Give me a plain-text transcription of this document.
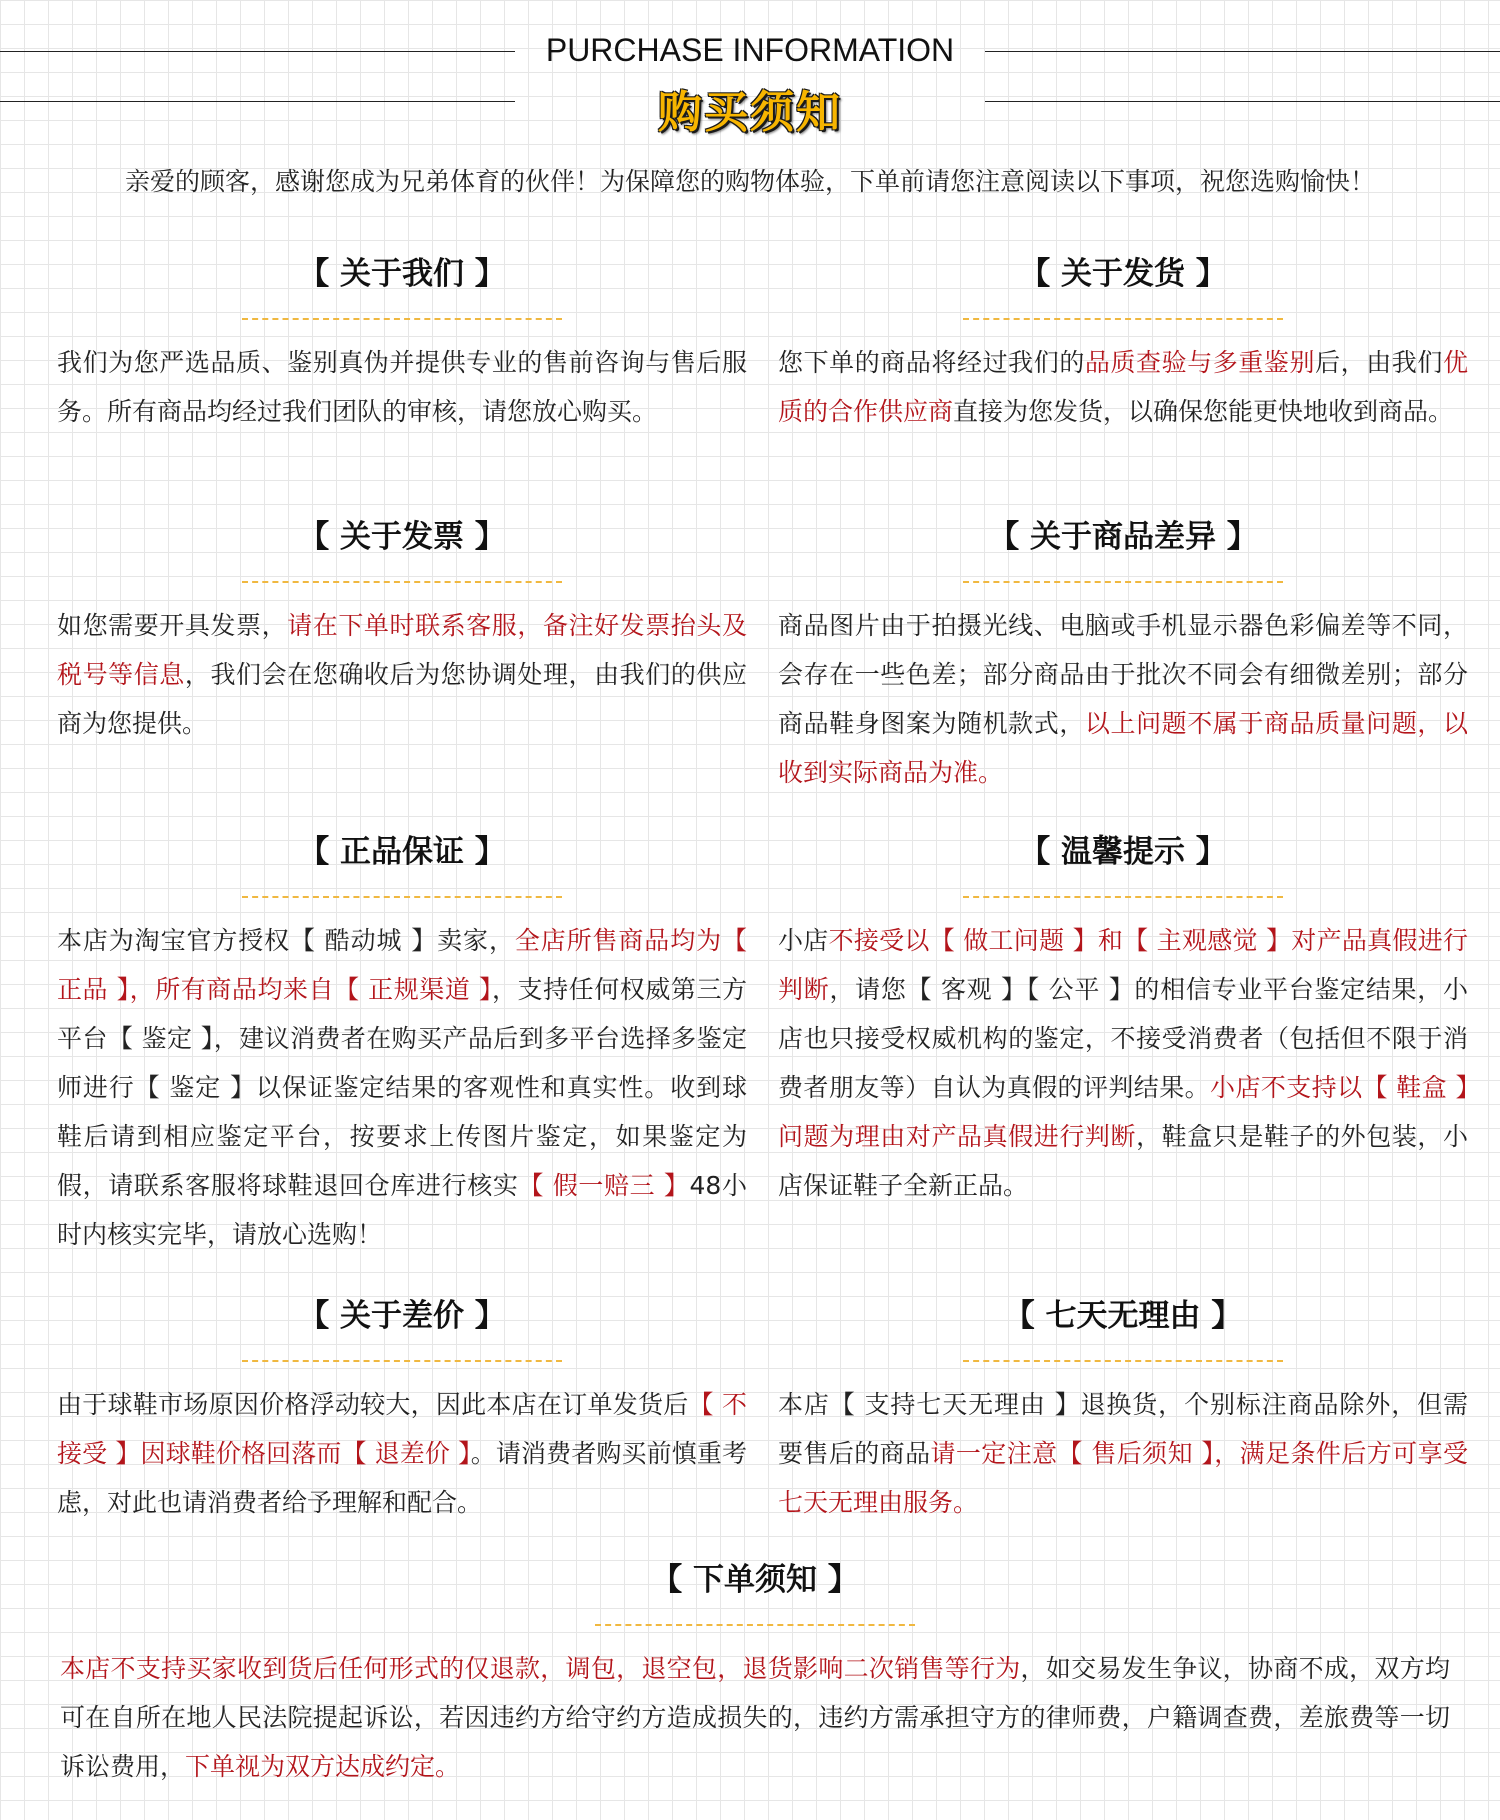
PURCHASE INFORMATION
购买须知
亲爱的顾客，感谢您成为兄弟体育的伙伴！为保障您的购物体验，下单前请您注意阅读以下事项，祝您选购愉快！
【 关于我们 】
我们为您严选品质、鉴别真伪并提供专业的售前咨询与售后服务。所有商品均经过我们团队的审核，请您放心购买。
【 关于发货 】
您下单的商品将经过我们的品质查验与多重鉴别后，由我们优质的合作供应商直接为您发货，以确保您能更快地收到商品。
【 关于发票 】
如您需要开具发票，请在下单时联系客服，备注好发票抬头及税号等信息，我们会在您确收后为您协调处理，由我们的供应商为您提供。
【 关于商品差异 】
商品图片由于拍摄光线、电脑或手机显示器色彩偏差等不同，会存在一些色差；部分商品由于批次不同会有细微差别；部分商品鞋身图案为随机款式，以上问题不属于商品质量问题，以收到实际商品为准。
【 正品保证 】
本店为淘宝官方授权【 酷动城 】卖家，全店所售商品均为【 正品 】，所有商品均来自【 正规渠道 】，支持任何权威第三方平台【 鉴定 】，建议消费者在购买产品后到多平台选择多鉴定师进行【 鉴定 】以保证鉴定结果的客观性和真实性。收到球鞋后请到相应鉴定平台，按要求上传图片鉴定，如果鉴定为假，请联系客服将球鞋退回仓库进行核实【 假一赔三 】48小时内核实完毕，请放心选购！
【 温馨提示 】
小店不接受以【 做工问题 】和【 主观感觉 】对产品真假进行判断，请您【 客观 】【 公平 】的相信专业平台鉴定结果，小店也只接受权威机构的鉴定，不接受消费者（包括但不限于消费者朋友等）自认为真假的评判结果。小店不支持以【 鞋盒 】问题为理由对产品真假进行判断，鞋盒只是鞋子的外包装，小店保证鞋子全新正品。
【 关于差价 】
由于球鞋市场原因价格浮动较大，因此本店在订单发货后【 不接受 】因球鞋价格回落而【 退差价 】。请消费者购买前慎重考虑，对此也请消费者给予理解和配合。
【 七天无理由 】
本店【 支持七天无理由 】退换货，个别标注商品除外，但需要售后的商品请一定注意【 售后须知 】，满足条件后方可享受七天无理由服务。
【 下单须知 】
本店不支持买家收到货后任何形式的仅退款，调包，退空包，退货影响二次销售等行为，如交易发生争议，协商不成，双方均可在自所在地人民法院提起诉讼，若因违约方给守约方造成损失的，违约方需承担守方的律师费，户籍调查费，差旅费等一切诉讼费用，下单视为双方达成约定。
